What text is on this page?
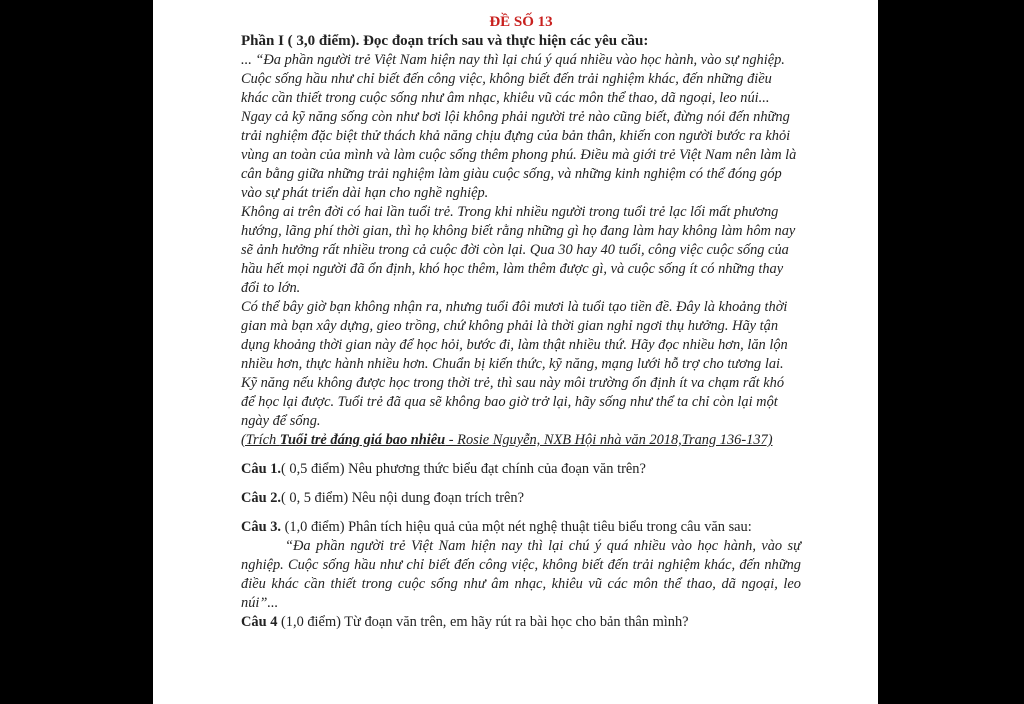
ĐỀ SỐ 13
Phần I ( 3,0 điểm). Đọc đoạn trích sau và thực hiện các yêu cầu:

... “Đa phần người trẻ Việt Nam hiện nay thì lại chú ý quá nhiều vào học hành, vào sự nghiệp. Cuộc sống hầu như chỉ biết đến công việc, không biết đến trải nghiệm khác, đến những điều khác cần thiết trong cuộc sống như âm nhạc, khiêu vũ các môn thể thao, dã ngoại, leo núi... Ngay cả kỹ năng sống còn như bơi lội không phải người trẻ nào cũng biết, đừng nói đến những trải nghiệm đặc biệt thử thách khả năng chịu đựng của bản thân, khiến con người bước ra khỏi vùng an toàn của mình và làm cuộc sống thêm phong phú. Điều mà giới trẻ Việt Nam nên làm là cân bằng giữa những trải nghiệm làm giàu cuộc sống, và những kinh nghiệm có thể đóng góp vào sự phát triển dài hạn cho nghề nghiệp.

Không ai trên đời có hai lần tuổi trẻ. Trong khi nhiều người trong tuổi trẻ lạc lối mất phương hướng, lãng phí thời gian, thì họ không biết rằng những gì họ đang làm hay không làm hôm nay sẽ ảnh hưởng rất nhiều trong cả cuộc đời còn lại. Qua 30 hay 40 tuổi, công việc cuộc sống của hầu hết mọi người đã ổn định, khó học thêm, làm thêm được gì, và cuộc sống ít có những thay đổi to lớn.

Có thể bây giờ bạn không nhận ra, nhưng tuổi đôi mươi là tuổi tạo tiền đề. Đây là khoảng thời gian mà bạn xây dựng, gieo trồng, chứ không phải là thời gian nghỉ ngơi thụ hưởng. Hãy tận dụng khoảng thời gian này để học hỏi, bước đi, làm thật nhiều thứ. Hãy đọc nhiều hơn, lăn lộn nhiều hơn, thực hành nhiều hơn. Chuẩn bị kiến thức, kỹ năng, mạng lưới hỗ trợ cho tương lai. Kỹ năng nếu không được học trong thời trẻ, thì sau này môi trường ổn định ít va chạm rất khó để học lại được. Tuổi trẻ đã qua sẽ không bao giờ trở lại, hãy sống như thể ta chỉ còn lại một ngày để sống.

(Trích Tuổi trẻ đáng giá bao nhiêu - Rosie Nguyễn, NXB Hội nhà văn 2018,Trang 136-137)
Câu 1.( 0,5 điểm) Nêu phương thức biểu đạt chính của đoạn văn trên?
Câu 2.( 0, 5 điểm) Nêu nội dung đoạn trích trên?
Câu 3. (1,0 điểm) Phân tích hiệu quả của một nét nghệ thuật tiêu biểu trong câu văn sau:

“Đa phần người trẻ Việt Nam hiện nay thì lại chú ý quá nhiều vào học hành, vào sự nghiệp. Cuộc sống hầu như chỉ biết đến công việc, không biết đến trải nghiệm khác, đến những điều khác cần thiết trong cuộc sống như âm nhạc, khiêu vũ các môn thể thao, dã ngoại, leo núi”...

Câu 4 (1,0 điểm) Từ đoạn văn trên, em hãy rút ra bài học cho bản thân mình?
